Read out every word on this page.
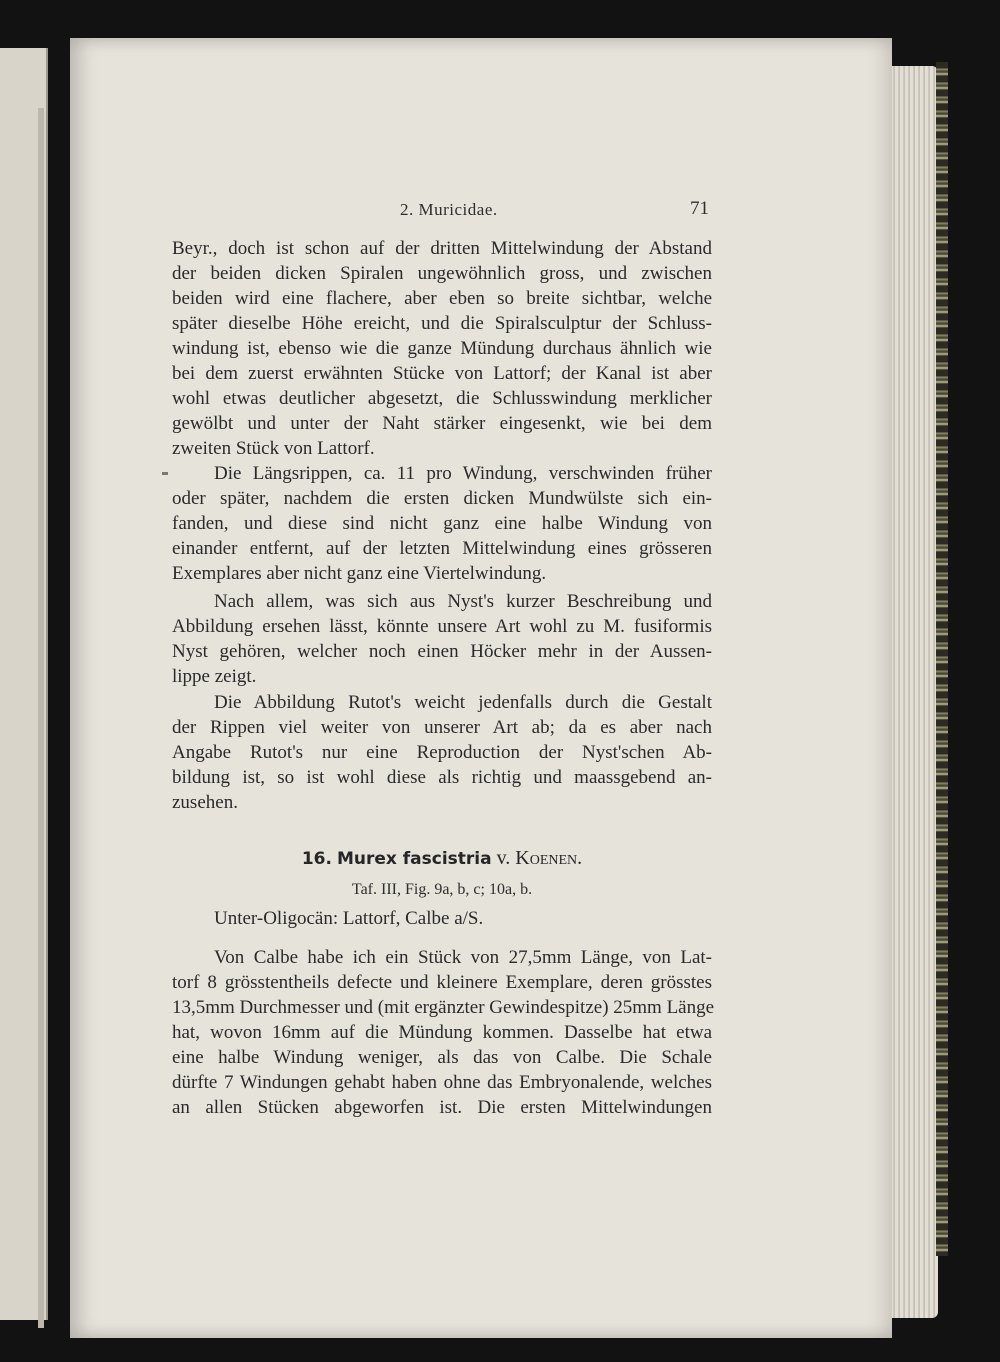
2. Muricidae.	71
Beyr., doch ist schon auf der dritten Mittelwindung der Abstand
der beiden dicken Spiralen ungewöhnlich gross, und zwischen
beiden wird eine flachere, aber eben so breite sichtbar, welche
später dieselbe Höhe ereicht, und die Spiralsculptur der Schluss-
windung ist, ebenso wie die ganze Mündung durchaus ähnlich wie
bei dem zuerst erwähnten Stücke von Lattorf; der Kanal ist aber
wohl etwas deutlicher abgesetzt, die Schlusswindung merklicher
gewölbt und unter der Naht stärker eingesenkt, wie bei dem
zweiten Stück von Lattorf.
Die Längsrippen, ca. 11 pro Windung, verschwinden früher
oder später, nachdem die ersten dicken Mundwülste sich ein-
fanden, und diese sind nicht ganz eine halbe Windung von
einander entfernt, auf der letzten Mittelwindung eines grösseren
Exemplares aber nicht ganz eine Viertelwindung.
Nach allem, was sich aus Nyst's kurzer Beschreibung und
Abbildung ersehen lässt, könnte unsere Art wohl zu M. fusiformis
Nyst gehören, welcher noch einen Höcker mehr in der Aussen-
lippe zeigt.
Die Abbildung Rutot's weicht jedenfalls durch die Gestalt
der Rippen viel weiter von unserer Art ab; da es aber nach
Angabe Rutot's nur eine Reproduction der Nyst'schen Ab-
bildung ist, so ist wohl diese als richtig und maassgebend an-
zusehen.
16. Murex fascistria v. Koenen.
Taf. III, Fig. 9a, b, c; 10a, b.
Unter-Oligocän: Lattorf, Calbe a/S.
Von Calbe habe ich ein Stück von 27,5mm Länge, von Lat-
torf 8 grösstentheils defecte und kleinere Exemplare, deren grösstes
13,5mm Durchmesser und (mit ergänzter Gewindespitze) 25mm Länge
hat, wovon 16mm auf die Mündung kommen. Dasselbe hat etwa
eine halbe Windung weniger, als das von Calbe. Die Schale
dürfte 7 Windungen gehabt haben ohne das Embryonalende, welches
an allen Stücken abgeworfen ist. Die ersten Mittelwindungen
